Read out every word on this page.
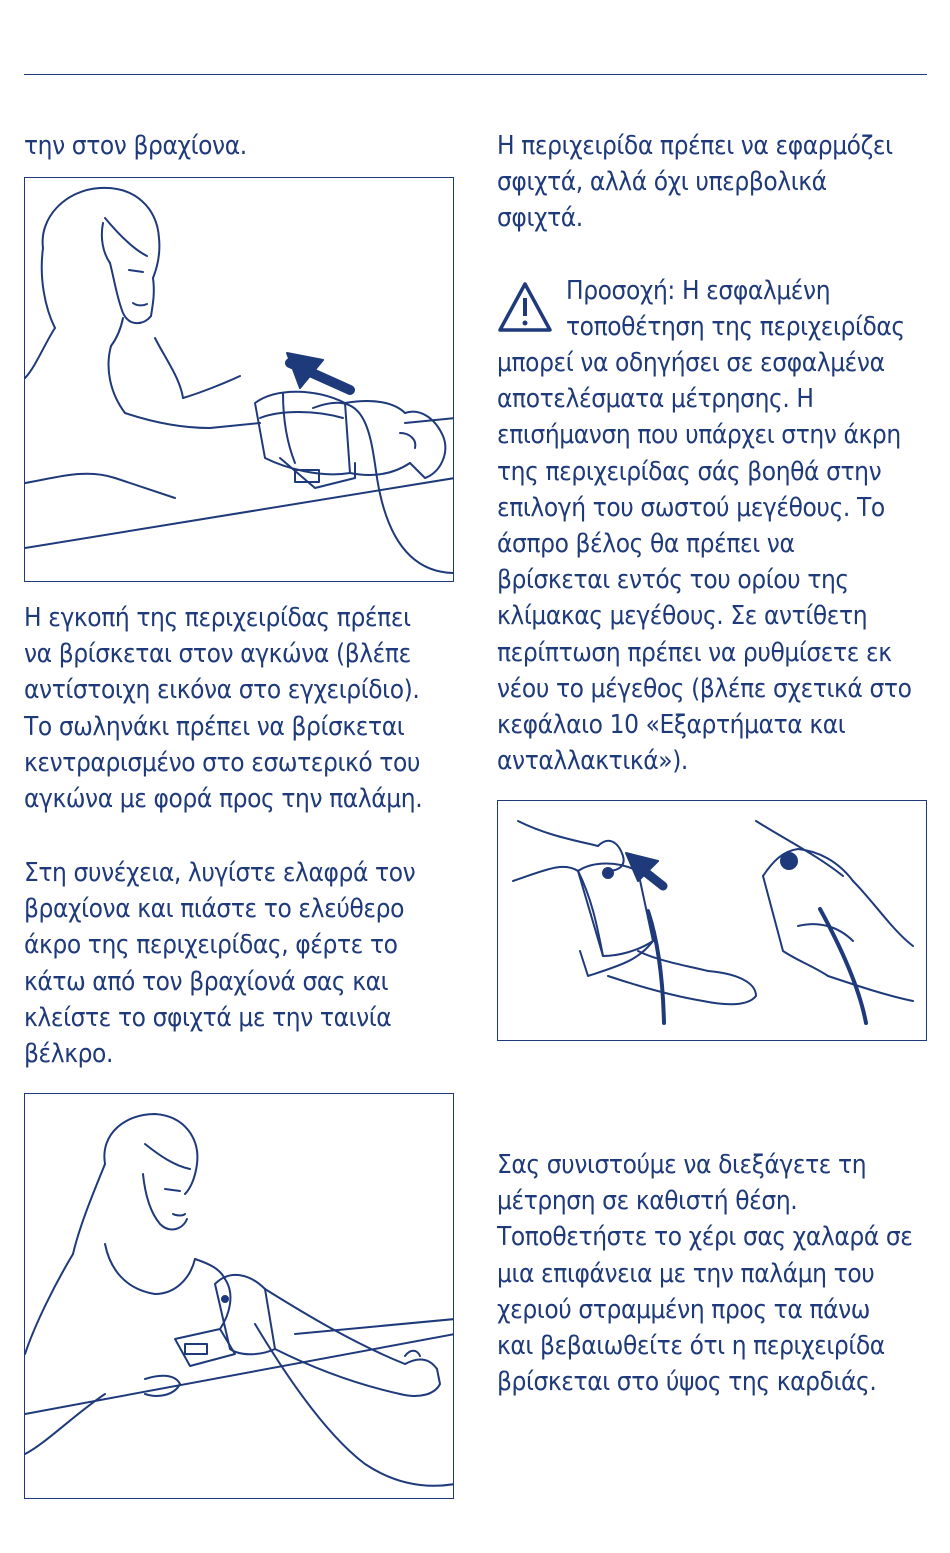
την στον βραχίονα.

Η εγκοπή της περιχειρίδας πρέπει
να βρίσκεται στον αγκώνα (βλέπε
αντίστοιχη εικόνα στο εγχειρίδιο).
Το σωληνάκι πρέπει να βρίσκεται
κεντραρισμένο στο εσωτερικό του
αγκώνα με φορά προς την παλάμη.

Στη συνέχεια, λυγίστε ελαφρά τον
βραχίονα και πιάστε το ελεύθερο
άκρο της περιχειρίδας, φέρτε το
κάτω από τον βραχίονά σας και
κλείστε το σφιχτά με την ταινία
βέλκρο.

Η περιχειρίδα πρέπει να εφαρμόζει
σφιχτά, αλλά όχι υπερβολικά
σφιχτά.

Προσοχή: Η εσφαλμένη
τοποθέτηση της περιχειρίδας

μπορεί να οδηγήσει σε εσφαλμένα
αποτελέσματα μέτρησης. Η
επισήμανση που υπάρχει στην άκρη
της περιχειρίδας σάς βοηθά στην
επιλογή του σωστού μεγέθους. Το
άσπρο βέλος θα πρέπει να
βρίσκεται εντός του ορίου της
κλίμακας μεγέθους. Σε αντίθετη
περίπτωση πρέπει να ρυθμίσετε εκ
νέου το μέγεθος (βλέπε σχετικά στο
κεφάλαιο 10 «Εξαρτήματα και
ανταλλακτικά»).

Σας συνιστούμε να διεξάγετε τη
μέτρηση σε καθιστή θέση.
Τοποθετήστε το χέρι σας χαλαρά σε
μια επιφάνεια με την παλάμη του
χεριού στραμμένη προς τα πάνω
και βεβαιωθείτε ότι η περιχειρίδα
βρίσκεται στο ύψος της καρδιάς.
